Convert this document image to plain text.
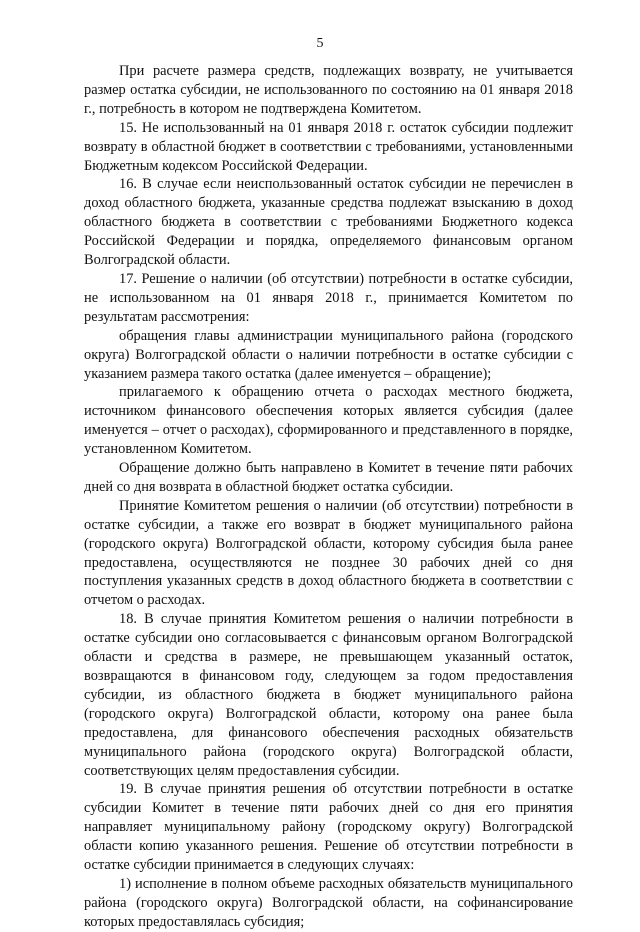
5

При расчете размера средств, подлежащих возврату, не учитывается размер остатка субсидии, не использованного по состоянию на 01 января 2018 г., потребность в котором не подтверждена Комитетом.

15. Не использованный на 01 января 2018 г. остаток субсидии подлежит возврату в областной бюджет в соответствии с требованиями, установленными Бюджетным кодексом Российской Федерации.

16. В случае если неиспользованный остаток субсидии не перечислен в доход областного бюджета, указанные средства подлежат взысканию в доход областного бюджета в соответствии с требованиями Бюджетного кодекса Российской Федерации и порядка, определяемого финансовым органом Волгоградской области.

17. Решение о наличии (об отсутствии) потребности в остатке субсидии, не использованном на 01 января 2018 г., принимается Комитетом по результатам рассмотрения:

обращения главы администрации муниципального района (городского округа) Волгоградской области о наличии потребности в остатке субсидии с указанием размера такого остатка (далее именуется – обращение);

прилагаемого к обращению отчета о расходах местного бюджета, источником финансового обеспечения которых является субсидия (далее именуется – отчет о расходах), сформированного и представленного в порядке, установленном Комитетом.

Обращение должно быть направлено в Комитет в течение пяти рабочих дней со дня возврата в областной бюджет остатка субсидии.

Принятие Комитетом решения о наличии (об отсутствии) потребности в остатке субсидии, а также его возврат в бюджет муниципального района (городского округа) Волгоградской области, которому субсидия была ранее предоставлена, осуществляются не позднее 30 рабочих дней со дня поступления указанных средств в доход областного бюджета в соответствии с отчетом о расходах.

18. В случае принятия Комитетом решения о наличии потребности в остатке субсидии оно согласовывается с финансовым органом Волгоградской области и средства в размере, не превышающем указанный остаток, возвращаются в финансовом году, следующем за годом предоставления субсидии, из областного бюджета в бюджет муниципального района (городского округа) Волгоградской области, которому она ранее была предоставлена, для финансового обеспечения расходных обязательств муниципального района (городского округа) Волгоградской области, соответствующих целям предоставления субсидии.

19. В случае принятия решения об отсутствии потребности в остатке субсидии Комитет в течение пяти рабочих дней со дня его принятия направляет муниципальному району (городскому округу) Волгоградской области копию указанного решения. Решение об отсутствии потребности в остатке субсидии принимается в следующих случаях:

1) исполнение в полном объеме расходных обязательств муниципального района (городского округа) Волгоградской области, на софинансирование которых предоставлялась субсидия;
